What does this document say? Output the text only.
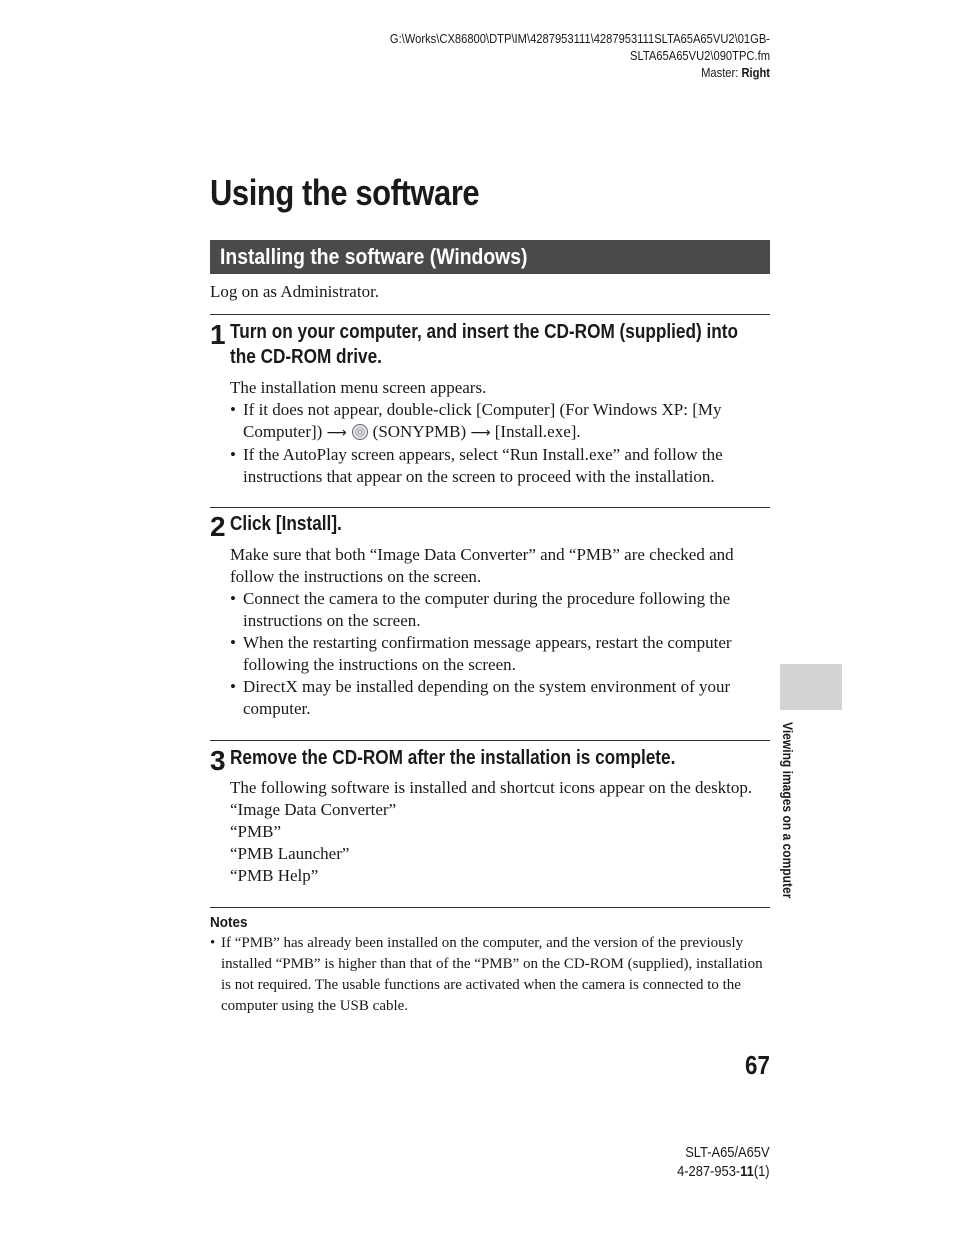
G:\Works\CX86800\DTP\IM\4287953111\4287953111SLTA65A65VU2\01GB-
SLTA65A65VU2\090TPC.fm
Master: Right
Using the software
Installing the software (Windows)
Log on as Administrator.
1 Turn on your computer, and insert the CD-ROM (supplied) into the CD-ROM drive.

The installation menu screen appears.

• If it does not appear, double-click [Computer] (For Windows XP: [My Computer]) ⟶ (SONYPMB) ⟶ [Install.exe].
• If the AutoPlay screen appears, select “Run Install.exe” and follow the instructions that appear on the screen to proceed with the installation.
2 Click [Install].

Make sure that both “Image Data Converter” and “PMB” are checked and follow the instructions on the screen.

• Connect the camera to the computer during the procedure following the instructions on the screen.
• When the restarting confirmation message appears, restart the computer following the instructions on the screen.
• DirectX may be installed depending on the system environment of your computer.
3 Remove the CD-ROM after the installation is complete.

The following software is installed and shortcut icons appear on the desktop.

“Image Data Converter”

“PMB”

“PMB Launcher”

“PMB Help”

Notes
• If “PMB” has already been installed on the computer, and the version of the previously installed “PMB” is higher than that of the “PMB” on the CD-ROM (supplied), installation is not required. The usable functions are activated when the camera is connected to the computer using the USB cable.
Viewing images on a computer
67
SLT-A65/A65V
4-287-953-11(1)
